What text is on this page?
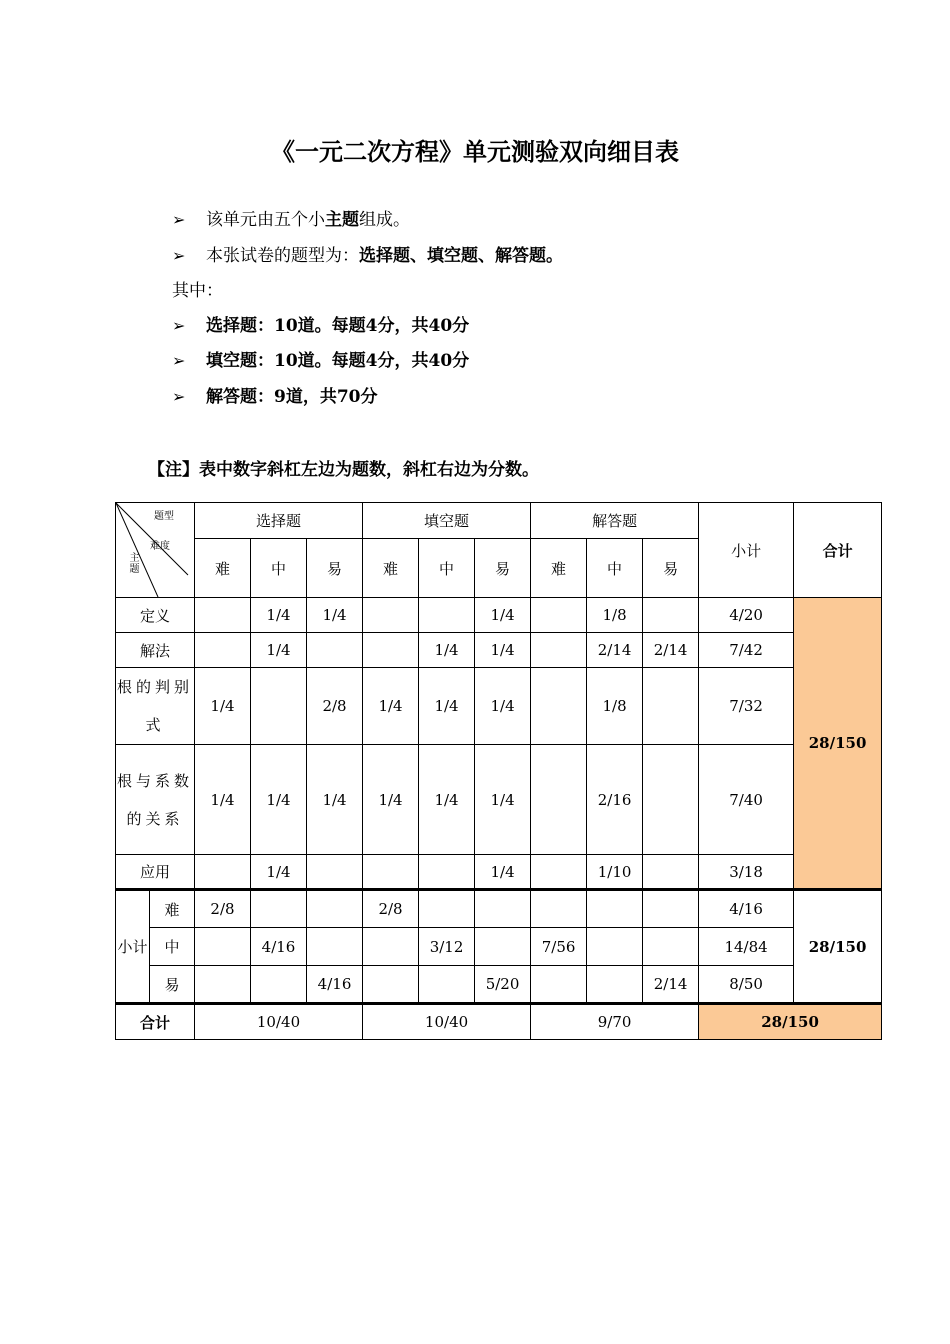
《一元二次方程》单元测验双向细目表
➢ 该单元由五个小主题组成。
➢ 本张试卷的题型为：选择题、填空题、解答题。
其中：
➢ 选择题：10道。每题4分，共40分
➢ 填空题：10道。每题4分，共40分
➢ 解答题：9道，共70分
【注】表中数字斜杠左边为题数，斜杠右边为分数。
题型
难度
主题		选择题			填空题			解答题			小计	合计
		难	中	易	难	中	易	难	中	易		
定义			1/4	1/4			1/4		1/8		4/20	28/150
解法			1/4			1/4	1/4		2/14	2/14	7/42	
根的判别式		1/4		2/8	1/4	1/4	1/4		1/8		7/32	
根与系数的关系		1/4	1/4	1/4	1/4	1/4	1/4		2/16		7/40	
应用			1/4				1/4		1/10		3/18	
小计	难	2/8			2/8						4/16	28/150
	中		4/16			3/12		7/56			14/84	
	易			4/16			5/20			2/14	8/50	
合计		10/40			10/40			9/70			28/150	
